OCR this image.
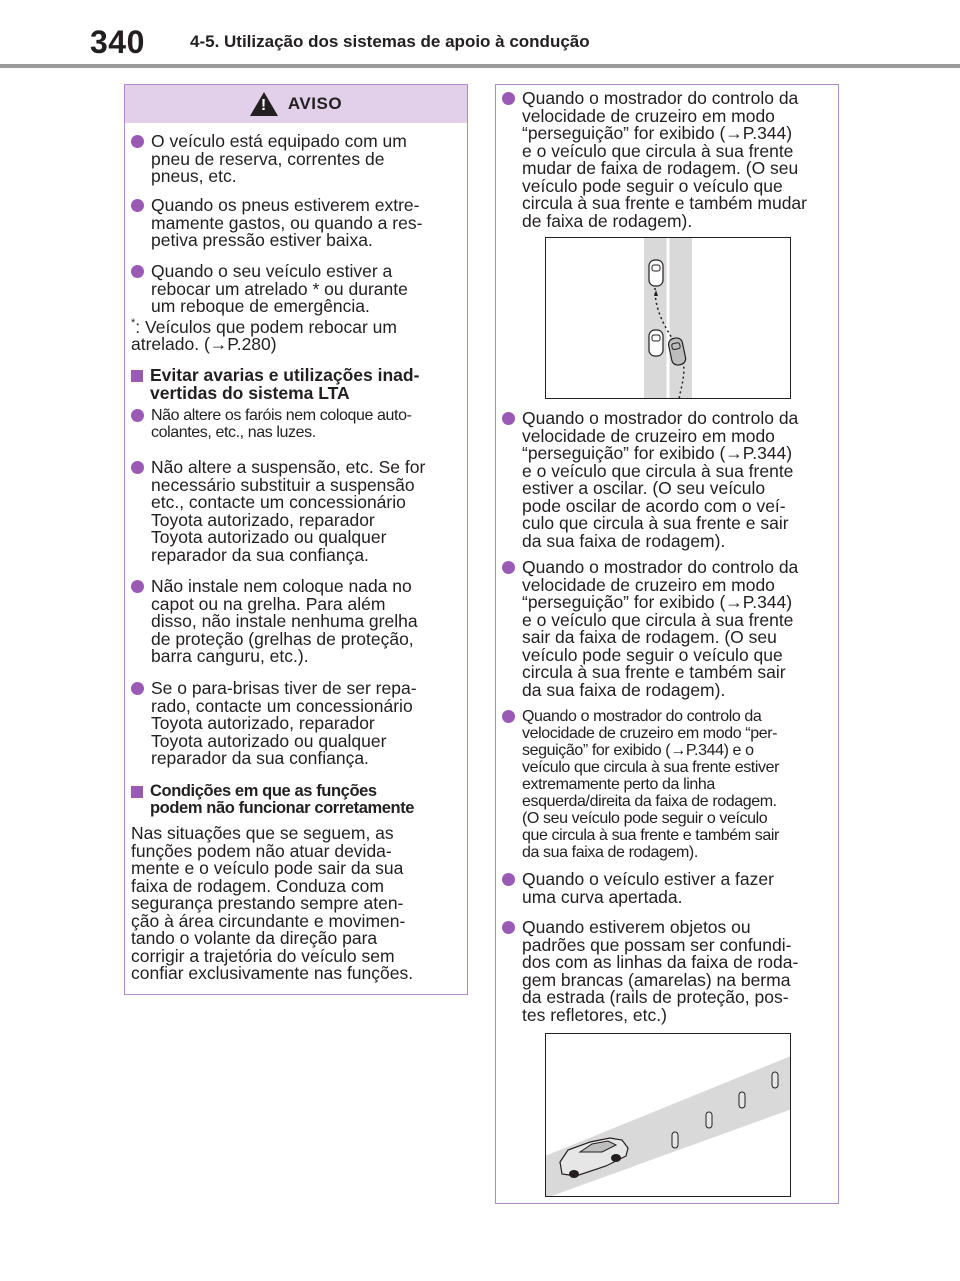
340	4-5. Utilização dos sistemas de apoio à condução
! AVISO
O veículo está equipado com um
pneu de reserva, correntes de
pneus, etc.
Quando os pneus estiverem extre-
mamente gastos, ou quando a res-
petiva pressão estiver baixa.
Quando o seu veículo estiver a
rebocar um atrelado * ou durante
um reboque de emergência.
*: Veículos que podem rebocar um
atrelado. (→P.280)
Evitar avarias e utilizações inad-
vertidas do sistema LTA
Não altere os faróis nem coloque auto-
colantes, etc., nas luzes.
Não altere a suspensão, etc. Se for
necessário substituir a suspensão
etc., contacte um concessionário
Toyota autorizado, reparador
Toyota autorizado ou qualquer
reparador da sua confiança.
Não instale nem coloque nada no
capot ou na grelha. Para além
disso, não instale nenhuma grelha
de proteção (grelhas de proteção,
barra canguru, etc.).
Se o para-brisas tiver de ser repa-
rado, contacte um concessionário
Toyota autorizado, reparador
Toyota autorizado ou qualquer
reparador da sua confiança.
Condições em que as funções
podem não funcionar corretamente
Nas situações que se seguem, as
funções podem não atuar devida-
mente e o veículo pode sair da sua
faixa de rodagem. Conduza com
segurança prestando sempre aten-
ção à área circundante e movimen-
tando o volante da direção para
corrigir a trajetória do veículo sem
confiar exclusivamente nas funções.
Quando o mostrador do controlo da
velocidade de cruzeiro em modo
“perseguição” for exibido (→P.344)
e o veículo que circula à sua frente
mudar de faixa de rodagem. (O seu
veículo pode seguir o veículo que
circula à sua frente e também mudar
de faixa de rodagem).
Quando o mostrador do controlo da
velocidade de cruzeiro em modo
“perseguição” for exibido (→P.344)
e o veículo que circula à sua frente
estiver a oscilar. (O seu veículo
pode oscilar de acordo com o veí-
culo que circula à sua frente e sair
da sua faixa de rodagem).
Quando o mostrador do controlo da
velocidade de cruzeiro em modo
“perseguição” for exibido (→P.344)
e o veículo que circula à sua frente
sair da faixa de rodagem. (O seu
veículo pode seguir o veículo que
circula à sua frente e também sair
da sua faixa de rodagem).
Quando o mostrador do controlo da
velocidade de cruzeiro em modo “per-
seguição” for exibido (→P.344) e o
veículo que circula à sua frente estiver
extremamente perto da linha
esquerda/direita da faixa de rodagem.
(O seu veículo pode seguir o veículo
que circula à sua frente e também sair
da sua faixa de rodagem).
Quando o veículo estiver a fazer
uma curva apertada.
Quando estiverem objetos ou
padrões que possam ser confundi-
dos com as linhas da faixa de roda-
gem brancas (amarelas) na berma
da estrada (rails de proteção, pos-
tes refletores, etc.)
